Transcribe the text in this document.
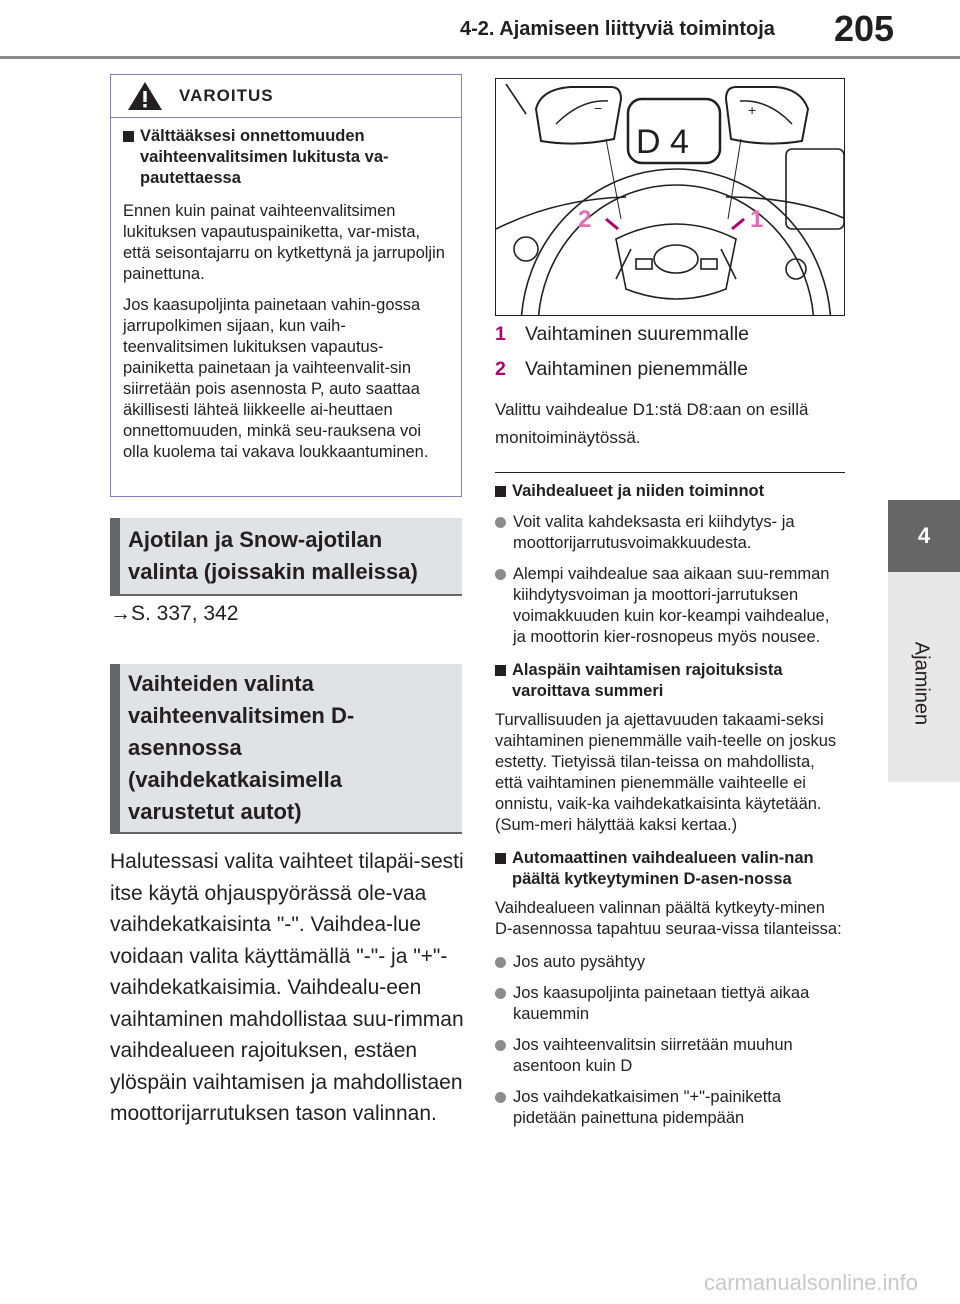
4-2. Ajamiseen liittyviä toimintoja 205
4
Ajaminen
VAROITUS
Välttääksesi onnettomuuden vaihteenvalitsimen lukitusta va-pautettaessa

Ennen kuin painat vaihteenvalitsimen lukituksen vapautuspainiketta, var-mista, että seisontajarru on kytkettynä ja jarrupoljin painettuna.

Jos kaasupoljinta painetaan vahin-gossa jarrupolkimen sijaan, kun vaih-teenvalitsimen lukituksen vapautus-painiketta painetaan ja vaihteenvalit-sin siirretään pois asennosta P, auto saattaa äkillisesti lähteä liikkeelle ai-heuttaen onnettomuuden, minkä seu-rauksena voi olla kuolema tai vakava loukkaantuminen.

Ajotilan ja Snow-ajotilan
valinta (joissakin malleissa)
→S. 337, 342
Vaihteiden valinta
vaihteenvalitsimen D-
asennossa
(vaihdekatkaisimella
varustetut autot)
Halutessasi valita vaihteet tilapäi-sesti itse käytä ohjauspyörässä ole-vaa vaihdekatkaisinta "-". Vaihdea-lue voidaan valita käyttämällä "-"- ja "+"-vaihdekatkaisimia. Vaihdealu-een vaihtaminen mahdollistaa suu-rimman vaihdealueen rajoituksen, estäen ylöspäin vaihtamisen ja mahdollistaen moottorijarrutuksen tason valinnan.
−	+
D 4
2	1
1 Vaihtaminen suuremmalle
2 Vaihtaminen pienemmälle
Valittu vaihdealue D1:stä D8:aan on esillä monitoiminäytössä.
Vaihdealueet ja niiden toiminnot
Voit valita kahdeksasta eri kiihdytys- ja moottorijarrutusvoimakkuudesta.
Alempi vaihdealue saa aikaan suu-remman kiihdytysvoiman ja moottori-jarrutuksen voimakkuuden kuin kor-keampi vaihdealue, ja moottorin kier-rosnopeus myös nousee.
Alaspäin vaihtamisen rajoituksista varoittava summeri
Turvallisuuden ja ajettavuuden takaami-seksi vaihtaminen pienemmälle vaih-teelle on joskus estetty. Tietyissä tilan-teissa on mahdollista, että vaihtaminen pienemmälle vaihteelle ei onnistu, vaik-ka vaihdekatkaisinta käytetään. (Sum-meri hälyttää kaksi kertaa.)
Automaattinen vaihdealueen valin-nan päältä kytkeytyminen D-asen-nossa
Vaihdealueen valinnan päältä kytkeyty-minen D-asennossa tapahtuu seuraa-vissa tilanteissa:
Jos auto pysähtyy
Jos kaasupoljinta painetaan tiettyä aikaa kauemmin
Jos vaihteenvalitsin siirretään muuhun asentoon kuin D
Jos vaihdekatkaisimen "+"-painiketta pidetään painettuna pidempään
carmanualsonline.info
